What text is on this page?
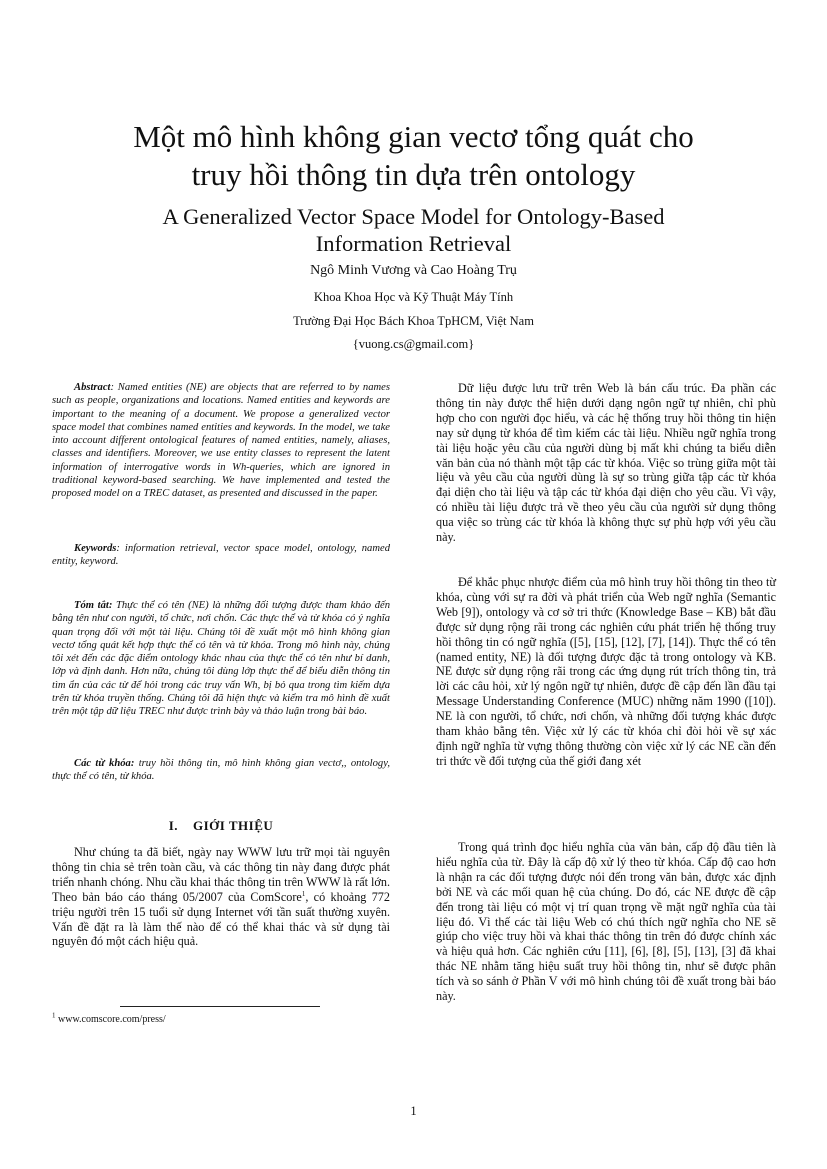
Một mô hình không gian vectơ tổng quát cho
truy hồi thông tin dựa trên ontology
A Generalized Vector Space Model for Ontology-Based
Information Retrieval
Ngô Minh Vương và Cao Hoàng Trụ
Khoa Khoa Học và Kỹ Thuật Máy Tính
Trường Đại Học Bách Khoa TpHCM, Việt Nam
{vuong.cs@gmail.com}

Abstract: Named entities (NE) are objects that are referred to by names such as people, organizations and locations. Named entities and keywords are important to the meaning of a document. We propose a generalized vector space model that combines named entities and keywords. In the model, we take into account different ontological features of named entities, namely, aliases, classes and identifiers. Moreover, we use entity classes to represent the latent information of interrogative words in Wh-queries, which are ignored in traditional keyword-based searching. We have implemented and tested the proposed model on a TREC dataset, as presented and discussed in the paper.

Keywords: information retrieval, vector space model, ontology, named entity, keyword.

Tóm tắt: Thực thể có tên (NE) là những đối tượng được tham khảo đến bằng tên như con người, tổ chức, nơi chốn. Các thực thể và từ khóa có ý nghĩa quan trọng đối với một tài liệu. Chúng tôi đề xuất một mô hình không gian vectơ tổng quát kết hợp thực thể có tên và từ khóa. Trong mô hình này, chúng tôi xét đến các đặc điểm ontology khác nhau của thực thể có tên như bí danh, lớp và định danh. Hơn nữa, chúng tôi dùng lớp thực thể để biểu diễn thông tin tìm ẩn của các từ để hỏi trong các truy vấn Wh, bị bỏ qua trong tìm kiếm dựa trên từ khóa truyền thống. Chúng tôi đã hiện thực và kiểm tra mô hình đề xuất trên một tập dữ liệu TREC như được trình bày và thảo luận trong bài báo.

Các từ khóa: truy hồi thông tin, mô hình không gian vectơ,, ontology, thực thể có tên, từ khóa.

I. GIỚI THIỆU

Như chúng ta đã biết, ngày nay WWW lưu trữ mọi tài nguyên thông tin chia sẻ trên toàn cầu, và các thông tin này đang được phát triển nhanh chóng. Nhu cầu khai thác thông tin trên WWW là rất lớn. Theo bản báo cáo tháng 05/2007 của ComScore$^1$, có khoảng 772 triệu người trên 15 tuổi sử dụng Internet với tần suất thường xuyên. Vấn đề đặt ra là làm thế nào để có thể khai thác và sử dụng tài nguyên đó một cách hiệu quả.

$^1$ www.comscore.com/press/

Dữ liệu được lưu trữ trên Web là bán cấu trúc. Đa phần các thông tin này được thể hiện dưới dạng ngôn ngữ tự nhiên, chỉ phù hợp cho con người đọc hiểu, và các hệ thống truy hồi thông tin hiện nay sử dụng từ khóa để tìm kiếm các tài liệu. Nhiều ngữ nghĩa trong tài liệu hoặc yêu cầu của người dùng bị mất khi chúng ta biểu diễn văn bản của nó thành một tập các từ khóa. Việc so trùng giữa một tài liệu và yêu cầu của người dùng là sự so trùng giữa tập các từ khóa đại diện cho tài liệu và tập các từ khóa đại diện cho yêu cầu. Vì vậy, có nhiều tài liệu được trả về theo yêu cầu của người sử dụng thông qua việc so trùng các từ khóa là không thực sự phù hợp với yêu cầu này.

Để khắc phục nhược điểm của mô hình truy hồi thông tin theo từ khóa, cùng với sự ra đời và phát triển của Web ngữ nghĩa (Semantic Web [9]), ontology và cơ sở tri thức (Knowledge Base – KB) bắt đầu được sử dụng rộng rãi trong các nghiên cứu phát triển hệ thống truy hồi thông tin có ngữ nghĩa ([5], [15], [12], [7], [14]). Thực thể có tên (named entity, NE) là đối tượng được đặc tả trong ontology và KB. NE được sử dụng rộng rãi trong các ứng dụng rút trích thông tin, trả lời các câu hỏi, xử lý ngôn ngữ tự nhiên, được đề cập đến lần đầu tại Message Understanding Conference (MUC) những năm 1990 ([10]). NE là con người, tổ chức, nơi chốn, và những đối tượng khác được tham khảo bằng tên. Việc xử lý các từ khóa chỉ đòi hỏi về sự xác định ngữ nghĩa từ vựng thông thường còn việc xử lý các NE cần đến tri thức về đối tượng của thế giới đang xét

Trong quá trình đọc hiểu nghĩa của văn bản, cấp độ đầu tiên là hiểu nghĩa của từ. Đây là cấp độ xử lý theo từ khóa. Cấp độ cao hơn là nhận ra các đối tượng được nói đến trong văn bản, được xác định bởi NE và các mối quan hệ của chúng. Do đó, các NE được đề cập đến trong tài liệu có một vị trí quan trọng về mặt ngữ nghĩa của tài liệu đó. Vì thế các tài liệu Web có chú thích ngữ nghĩa cho NE sẽ giúp cho việc truy hồi và khai thác thông tin trên đó được chính xác và hiệu quả hơn. Các nghiên cứu [11], [6], [8], [5], [13], [3] đã khai thác NE nhằm tăng hiệu suất truy hồi thông tin, như sẽ được phân tích và so sánh ở Phần V với mô hình chúng tôi đề xuất trong bài báo này.

1
